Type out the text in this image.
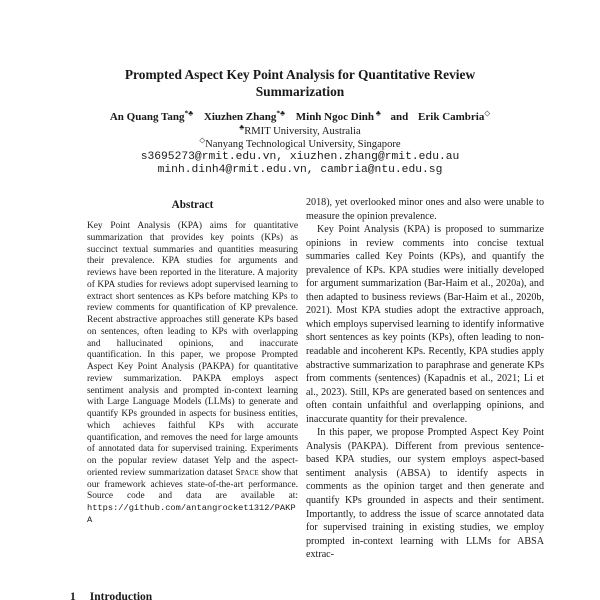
Prompted Aspect Key Point Analysis for Quantitative Review
Summarization
An Quang Tang*♣ Xiuzhen Zhang*♣ Minh Ngoc Dinh ♣ and Erik Cambria◇
♣RMIT University, Australia
◇Nanyang Technological University, Singapore
s3695273@rmit.edu.vn, xiuzhen.zhang@rmit.edu.au
minh.dinh4@rmit.edu.vn, cambria@ntu.edu.sg
Abstract

Key Point Analysis (KPA) aims for quantitative summarization that provides key points (KPs) as succinct textual summaries and quantities measuring their prevalence. KPA studies for arguments and reviews have been reported in the literature. A majority of KPA studies for reviews adopt supervised learning to extract short sentences as KPs before matching KPs to review comments for quantification of KP prevalence. Recent abstractive approaches still generate KPs based on sentences, often leading to KPs with overlapping and hallucinated opinions, and inaccurate quantification. In this paper, we propose Prompted Aspect Key Point Analysis (PAKPA) for quantitative review summarization. PAKPA employs aspect sentiment analysis and prompted in-context learning with Large Language Models (LLMs) to generate and quantify KPs grounded in aspects for business entities, which achieves faithful KPs with accurate quantification, and removes the need for large amounts of annotated data for supervised training. Experiments on the popular review dataset Yelp and the aspect-oriented review summarization dataset Space show that our framework achieves state-of-the-art performance. Source code and data are available at: https://github.com/antangrocket1312/PAKPA

1 Introduction

2018), yet overlooked minor ones and also were unable to measure the opinion prevalence.

Key Point Analysis (KPA) is proposed to summarize opinions in review comments into concise textual summaries called Key Points (KPs), and quantify the prevalence of KPs. KPA studies were initially developed for argument summarization (Bar-Haim et al., 2020a), and then adapted to business reviews (Bar-Haim et al., 2020b, 2021). Most KPA studies adopt the extractive approach, which employs supervised learning to identify informative short sentences as key points (KPs), often leading to non-readable and incoherent KPs. Recently, KPA studies apply abstractive summarization to paraphrase and generate KPs from comments (sentences) (Kapadnis et al., 2021; Li et al., 2023). Still, KPs are generated based on sentences and often contain unfaithful and overlapping opinions, and inaccurate quantity for their prevalence.

In this paper, we propose Prompted Aspect Key Point Analysis (PAKPA). Different from previous sentence-based KPA studies, our system employs aspect-based sentiment analysis (ABSA) to identify aspects in comments as the opinion target and then generate and quantify KPs grounded in aspects and their sentiment. Importantly, to address the issue of scarce annotated data for supervised training in existing studies, we employ prompted in-context learning with LLMs for ABSA extrac-
